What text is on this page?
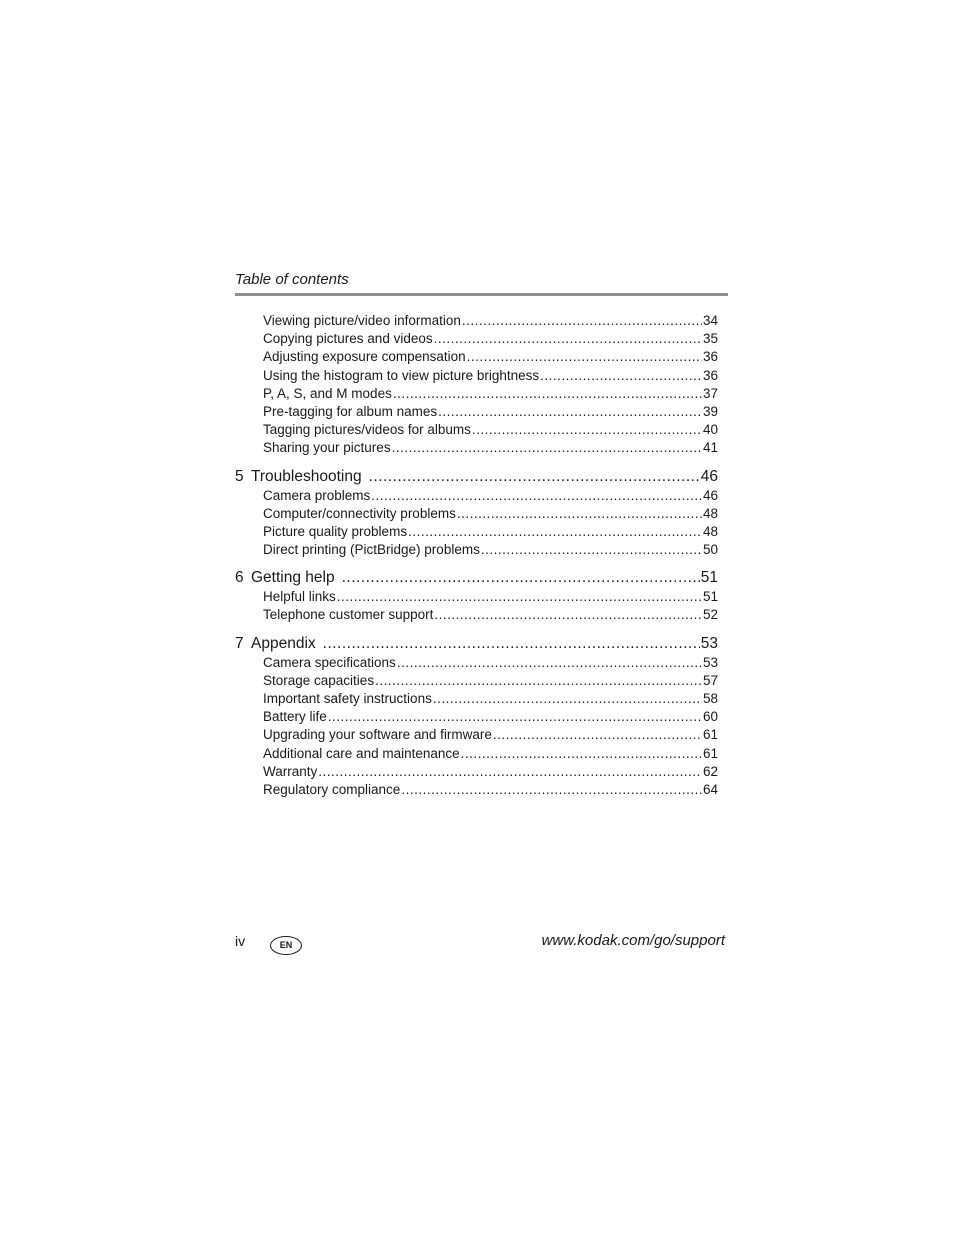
Table of contents
Viewing picture/video information .....	34
Copying pictures and videos .....	35
Adjusting exposure compensation .....	36
Using the histogram to view picture brightness .....	36
P, A, S, and M modes .....	37
Pre-tagging for album names .....	39
Tagging pictures/videos for albums .....	40
Sharing your pictures .....	41
5 Troubleshooting .....	46
Camera problems .....	46
Computer/connectivity problems .....	48
Picture quality problems .....	48
Direct printing (PictBridge) problems .....	50
6 Getting help .....	51
Helpful links .....	51
Telephone customer support .....	52
7 Appendix .....	53
Camera specifications .....	53
Storage capacities .....	57
Important safety instructions .....	58
Battery life .....	60
Upgrading your software and firmware .....	61
Additional care and maintenance .....	61
Warranty .....	62
Regulatory compliance .....	64
iv	EN	www.kodak.com/go/support
